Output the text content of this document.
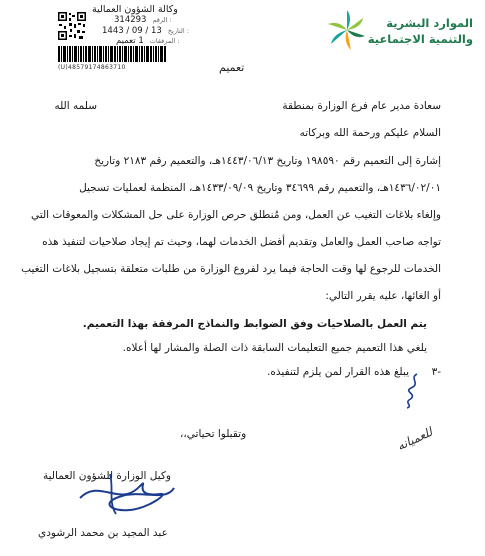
الموارد البشرية
والتنمية الاجتماعية
وكالة الشؤون العمالية
314293 الرقم :
1443 / 09 / 13 التاريخ :
1 تعميم المرفقات :
(U)48579174863710	تعميم
سعادة مدير عام فرع الوزارة بمنطقة
سلمه الله
السلام عليكم ورحمة الله وبركاته
إشارة إلى التعميم رقم ١٩٨٥٩٠ وتاريخ ١٤٤٣/٠٦/١٣هـ، والتعميم رقم ٢١٨٣ وتاريخ
١٤٣٦/٠٢/٠١هـ، والتعميم رقم ٣٤٦٩٩ وتاريخ ١٤٣٣/٠٩/٠٩هـ، المنظمة لعمليات تسجيل
وإلغاء بلاغات التغيب عن العمل، ومن مُنطلق حرص الوزارة على حل المشكلات والمعوقات التي
تواجه صاحب العمل والعامل وتقديم أفضل الخدمات لهما، وحيث تم إيجاد صلاحيات لتنفيذ هذه
الخدمات للرجوع لها وقت الحاجة فيما يرد لفروع الوزارة من طلبات متعلقة بتسجيل بلاغات التغيب
أو الغائها، عليه يقرر التالي:
يتم العمل بالصلاحيات وفق الضوابط والنماذج المرفقة بهذا التعميم.
يلغي هذا التعميم جميع التعليمات السابقة ذات الصلة والمشار لها أعلاه.
-٣
يبلغ هذه القرار لمن يلزم لتنفيذه.
وتقبلوا تحياتي،،	للعميانه
وكيل الوزارة للشؤون العمالية
عبد المجيد بن محمد الرشودي
